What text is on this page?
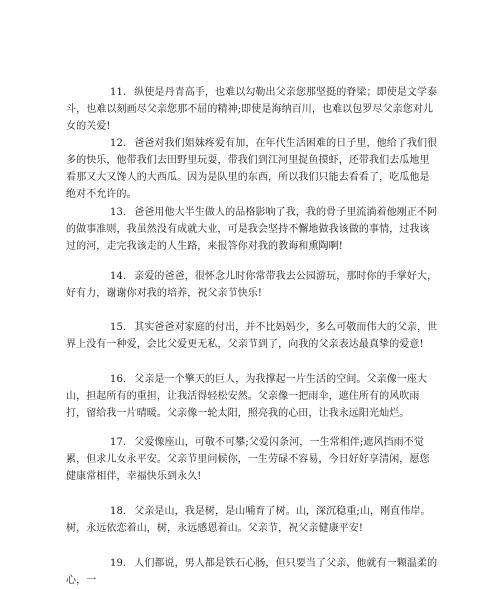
11. 纵使是丹青高手，也难以勾勒出父亲您那坚挺的脊梁；即使是文学泰斗，也难以刻画尽父亲您那不屈的精神;即使是海纳百川，也难以包罗尽父亲您对儿女的关爱!

12. 爸爸对我们姐妹疼爱有加，在年代生活困难的日子里，他给了我们很多的快乐，他带我们去田野里玩耍，带我们到江河里捉鱼摸虾，还带我们去瓜地里看那又大又馋人的大西瓜。因为是队里的东西，所以我们只能去看看了，吃瓜他是绝对不允许的。

13. 爸爸用他大半生做人的品格影响了我，我的骨子里流淌着他刚正不阿的做事准则，我虽然没有成就大业，可是我会坚持不懈地做我该做的事情，过我该过的河，走完我该走的人生路，来报答你对我的教诲和熏陶啊!

14. 亲爱的爸爸，很怀念儿时你常带我去公园游玩，那时你的手掌好大，好有力，谢谢你对我的培养，祝父亲节快乐!

15. 其实爸爸对家庭的付出，并不比妈妈少，多么可敬而伟大的父亲，世界上没有一种爱，会比父爱更无私，父亲节到了，向我的父亲表达最真挚的爱意!

16. 父亲是一个擎天的巨人，为我撑起一片生活的空间。父亲像一座大山，担起所有的重担，让我活得轻松安然。父亲像一把雨伞，遮住所有的风吹雨打，留给我一片晴暖。父亲像一轮太阳，照亮我的心田，让我永远阳光灿烂。

17. 父爱像座山，可敬不可攀;父爱闪条河，一生常相伴;遮风挡雨不觉累，但求儿女永平安。父亲节里问候你，一生劳碌不容易，今日好好享清闲，愿您健康常相伴，幸福快乐到永久!

18. 父亲是山，我是树，是山哺育了树。山，深沉稳重;山，刚直伟岸。树，永远依恋着山，树，永远感恩着山。父亲节，祝父亲健康平安!

19. 人们都说，男人都是铁石心肠，但只要当了父亲，他就有一颗温柔的心，一
